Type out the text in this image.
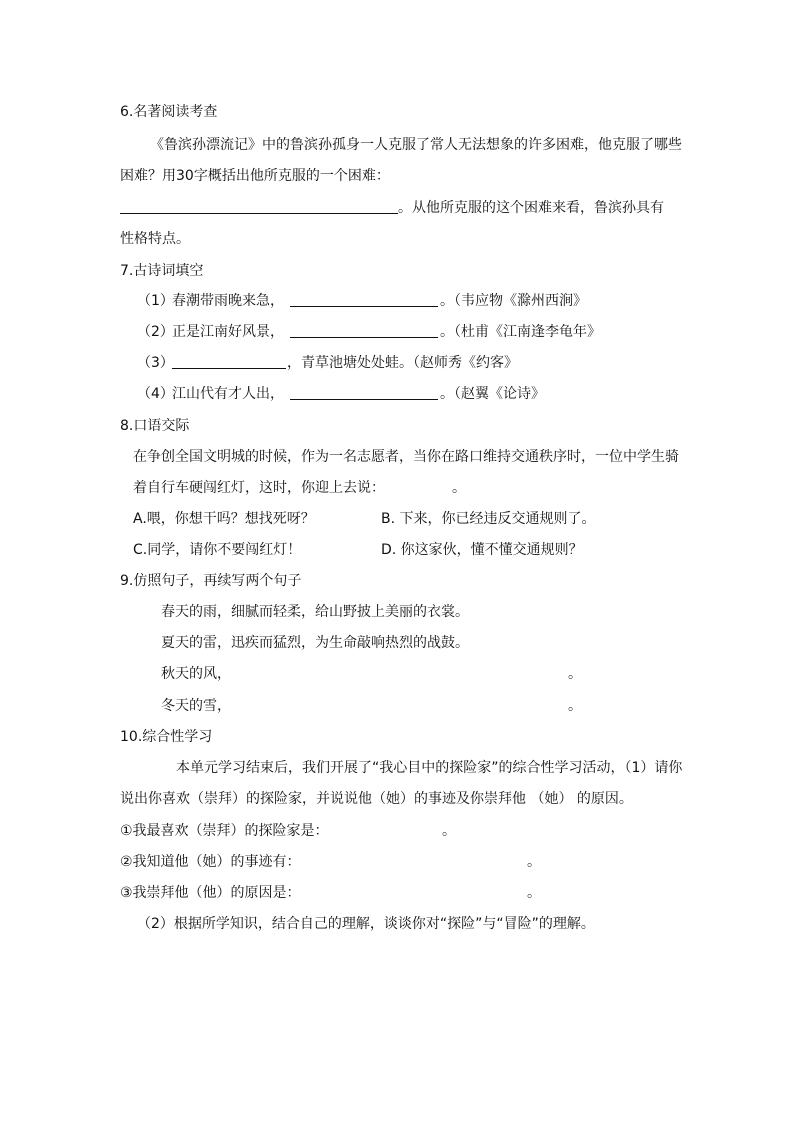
6.名著阅读考查
《鲁滨孙漂流记》中的鲁滨孙孤身一人克服了常人无法想象的许多困难，他克服了哪些
困难？用30字概括出他所克服的一个困难：
。从他所克服的这个困难来看，鲁滨孙具有
性格特点。
7.古诗词填空
（1）
春潮带雨晚来急，	。（韦应物《滁州西涧》
（2）
正是江南好风景，	。（杜甫《江南逢李龟年》
（3）	，青草池塘处处蛙。（赵师秀《约客》
（4）
江山代有才人出，	。（赵翼《论诗》
8.口语交际
在争创全国文明城的时候，作为一名志愿者，当你在路口维持交通秩序时，一位中学生骑
着自行车硬闯红灯，这时，你迎上去说：	。
A.喂，你想干吗？想找死呀？	B. 下来，你已经违反交通规则了。
C.同学，请你不要闯红灯！	D. 你这家伙，懂不懂交通规则？
9.仿照句子，再续写两个句子
春天的雨，细腻而轻柔，给山野披上美丽的衣裳。
夏天的雷，迅疾而猛烈，为生命敲响热烈的战鼓。
秋天的风，	。
冬天的雪，	。
10.综合性学习
本单元学习结束后，我们开展了“我心目中的探险家”的综合性学习活动，（1）请你
说出你喜欢（崇拜）的探险家，并说说他（她）的事迹及你崇拜他 （她） 的原因。
①我最喜欢（崇拜）的探险家是：	。
②我知道他（她）的事迹有：	。
③我崇拜他（他）的原因是：	。
（2）根据所学知识，结合自己的理解，谈谈你对“探险”与“冒险”的理解。
